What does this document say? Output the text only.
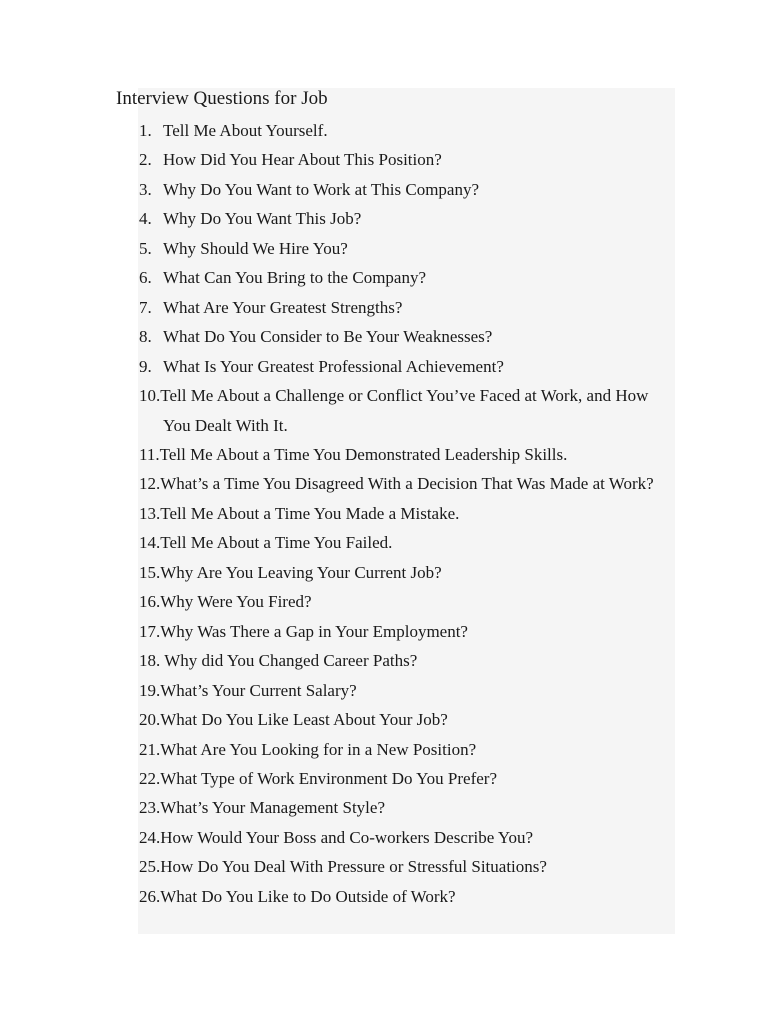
Interview Questions for Job
1. Tell Me About Yourself.
2. How Did You Hear About This Position?
3. Why Do You Want to Work at This Company?
4. Why Do You Want This Job?
5. Why Should We Hire You?
6. What Can You Bring to the Company?
7. What Are Your Greatest Strengths?
8. What Do You Consider to Be Your Weaknesses?
9. What Is Your Greatest Professional Achievement?
10.Tell Me About a Challenge or Conflict You’ve Faced at Work, and How You Dealt With It.
11.Tell Me About a Time You Demonstrated Leadership Skills.
12.What’s a Time You Disagreed With a Decision That Was Made at Work?
13.Tell Me About a Time You Made a Mistake.
14.Tell Me About a Time You Failed.
15.Why Are You Leaving Your Current Job?
16.Why Were You Fired?
17.Why Was There a Gap in Your Employment?
18. Why did You Changed Career Paths?
19.What’s Your Current Salary?
20.What Do You Like Least About Your Job?
21.What Are You Looking for in a New Position?
22.What Type of Work Environment Do You Prefer?
23.What’s Your Management Style?
24.How Would Your Boss and Co-workers Describe You?
25.How Do You Deal With Pressure or Stressful Situations?
26.What Do You Like to Do Outside of Work?
